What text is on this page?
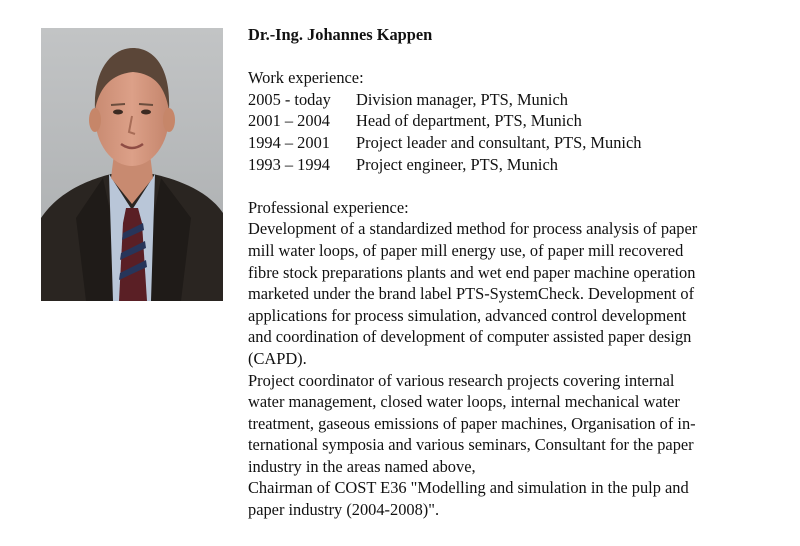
Dr.-Ing. Johannes Kappen

Work experience:

2005 - today	Division manager, PTS, Munich
2001 – 2004	Head of department, PTS, Munich
1994 – 2001	Project leader and consultant, PTS, Munich
1993 – 1994	Project engineer, PTS, Munich

Professional experience:

Development of a standardized method for process analysis of paper
mill water loops, of paper mill energy use, of paper mill recovered
fibre stock preparations plants and wet end paper machine operation
marketed under the brand label PTS-SystemCheck. Development of
applications for process simulation, advanced control development
and coordination of development of computer assisted paper design
(CAPD).

Project coordinator of various research projects covering internal
water management, closed water loops, internal mechanical water
treatment, gaseous emissions of paper machines, Organisation of in-
ternational symposia and various seminars, Consultant for the paper
industry in the areas named above,

Chairman of COST E36 "Modelling and simulation in the pulp and
paper industry (2004-2008)".
